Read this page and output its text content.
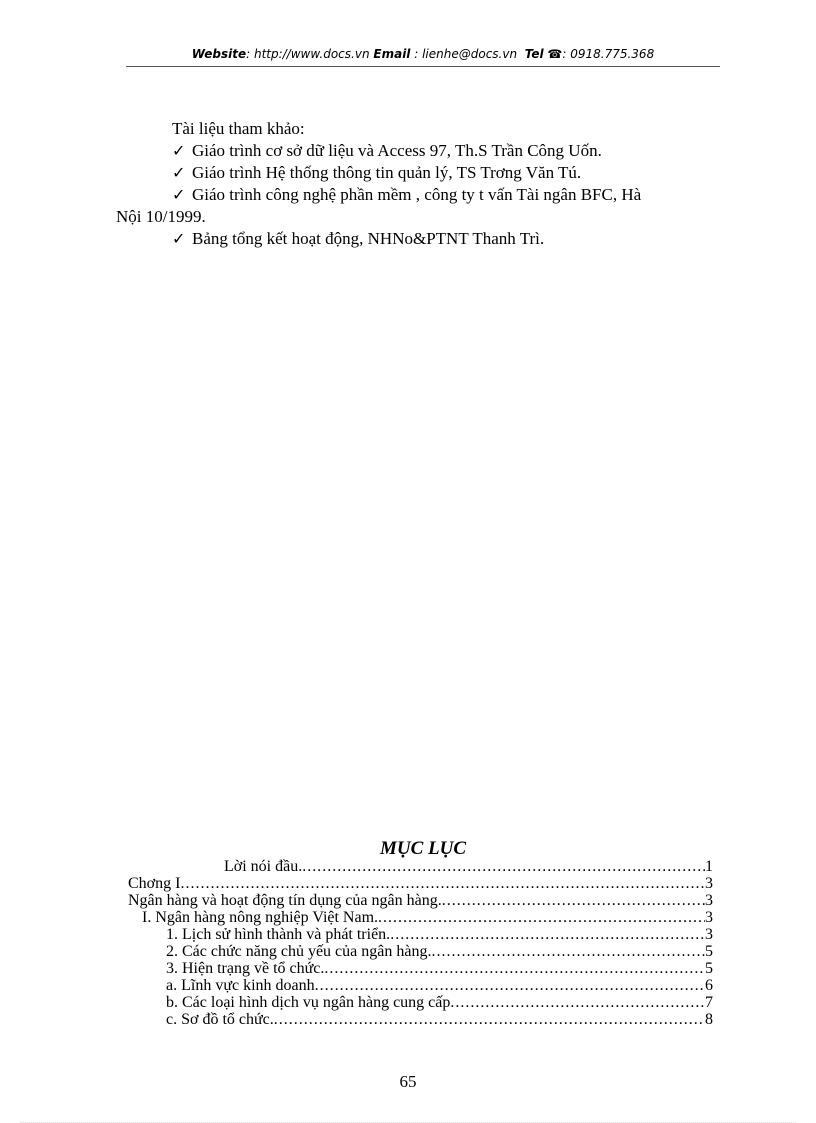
Website: http://www.docs.vn Email : lienhe@docs.vn Tel ☎: 0918.775.368
Tài liệu tham khảo:
✓ Giáo trình cơ sở dữ liệu và Access 97, Th.S Trần Công Uốn.
✓ Giáo trình Hệ thống thông tin quản lý, TS Trơng Văn Tú.
✓ Giáo trình công nghệ phần mềm , công ty t vấn Tài ngân BFC, Hà
Nội 10/1999.
✓ Bảng tổng kết hoạt động, NHNo&PTNT Thanh Trì.
MỤC LỤC
Lời nói đầu. .....	1
Chơng I .....	3
Ngân hàng và hoạt động tín dụng của ngân hàng. .....	3
I. Ngân hàng nông nghiệp Việt Nam. .....	3
1. Lịch sử hình thành và phát triển. .....	3
2. Các chức năng chủ yếu của ngân hàng. .....	5
3. Hiện trạng về tổ chức. .....	5
a. Lĩnh vực kinh doanh .....	6
b. Các loại hình dịch vụ ngân hàng cung cấp .....	7
c. Sơ đồ tổ chức. .....	8
65
